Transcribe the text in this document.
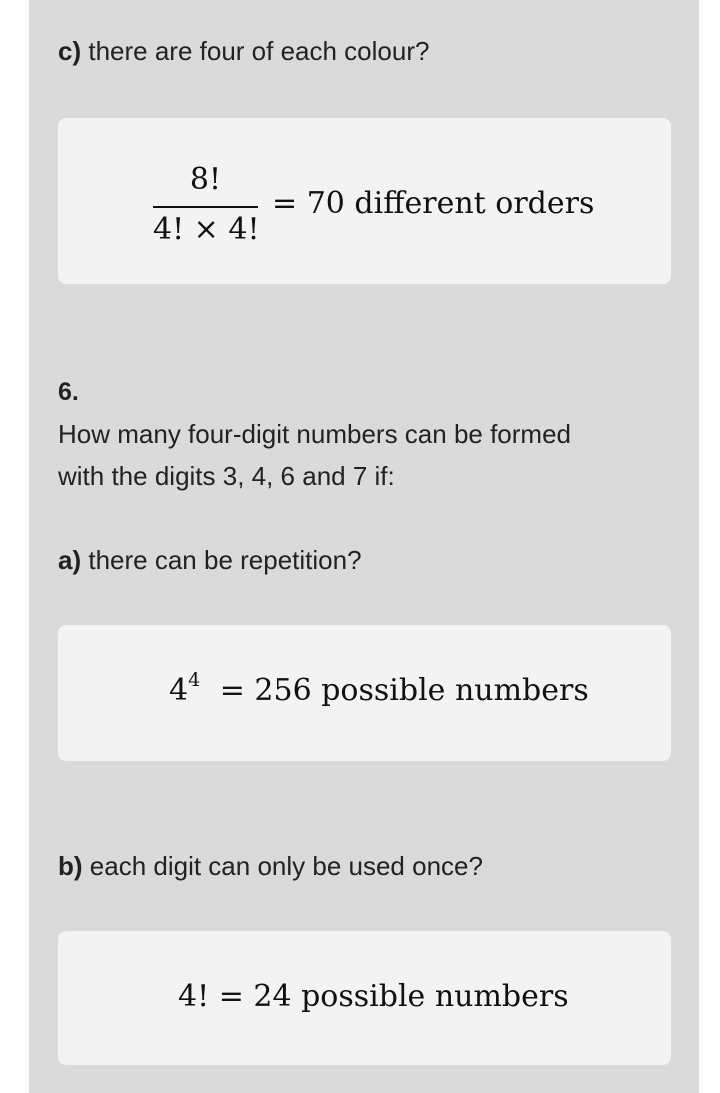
c) there are four of each colour?
8!
4! × 4!
= 70 different orders
6.
How many four-digit numbers can be formed
with the digits 3, 4, 6 and 7 if:
a) there can be repetition?
$4^4 = 256$ possible numbers
b) each digit can only be used once?
4! = 24 possible numbers
